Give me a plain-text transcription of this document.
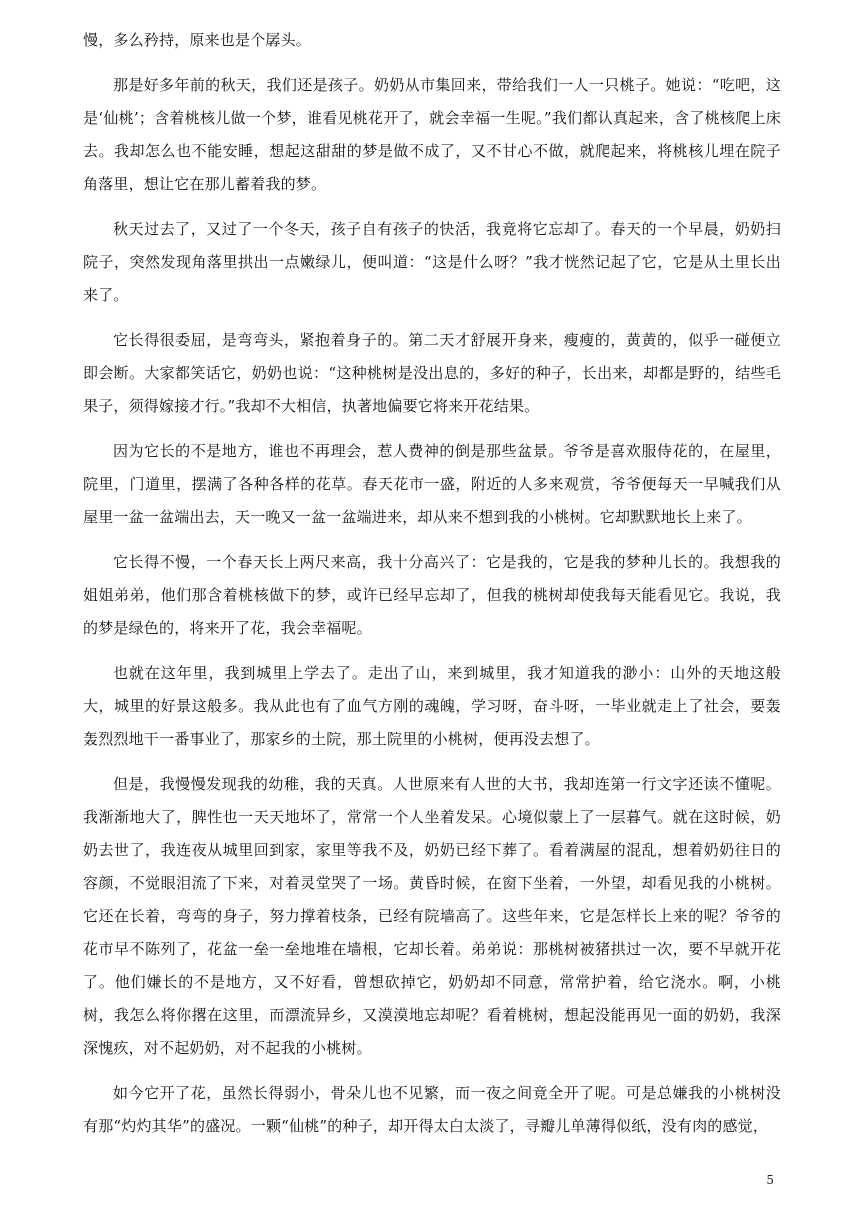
慢，多么矜持，原来也是个孱头。

那是好多年前的秋天，我们还是孩子。奶奶从市集回来，带给我们一人一只桃子。她说：“吃吧，这是‘仙桃’；含着桃核儿做一个梦，谁看见桃花开了，就会幸福一生呢。”我们都认真起来，含了桃核爬上床去。我却怎么也不能安睡，想起这甜甜的梦是做不成了，又不甘心不做，就爬起来，将桃核儿埋在院子角落里，想让它在那儿蓄着我的梦。

秋天过去了，又过了一个冬天，孩子自有孩子的快活，我竟将它忘却了。春天的一个早晨，奶奶扫院子，突然发现角落里拱出一点嫩绿儿，便叫道：“这是什么呀？”我才恍然记起了它，它是从土里长出来了。

它长得很委屈，是弯弯头，紧抱着身子的。第二天才舒展开身来，瘦瘦的，黄黄的，似乎一碰便立即会断。大家都笑话它，奶奶也说：“这种桃树是没出息的，多好的种子，长出来，却都是野的，结些毛果子，须得嫁接才行。”我却不大相信，执著地偏要它将来开花结果。

因为它长的不是地方，谁也不再理会，惹人费神的倒是那些盆景。爷爷是喜欢服侍花的，在屋里，院里，门道里，摆满了各种各样的花草。春天花市一盛，附近的人多来观赏，爷爷便每天一早喊我们从屋里一盆一盆端出去，天一晚又一盆一盆端进来，却从来不想到我的小桃树。它却默默地长上来了。

它长得不慢，一个春天长上两尺来高，我十分高兴了：它是我的，它是我的梦种儿长的。我想我的姐姐弟弟，他们那含着桃核做下的梦，或许已经早忘却了，但我的桃树却使我每天能看见它。我说，我的梦是绿色的，将来开了花，我会幸福呢。

也就在这年里，我到城里上学去了。走出了山，来到城里，我才知道我的渺小：山外的天地这般大，城里的好景这般多。我从此也有了血气方刚的魂魄，学习呀，奋斗呀，一毕业就走上了社会，要轰轰烈烈地干一番事业了，那家乡的土院，那土院里的小桃树，便再没去想了。

但是，我慢慢发现我的幼稚，我的天真。人世原来有人世的大书，我却连第一行文字还读不懂呢。我渐渐地大了，脾性也一天天地坏了，常常一个人坐着发呆。心境似蒙上了一层暮气。就在这时候，奶奶去世了，我连夜从城里回到家，家里等我不及，奶奶已经下葬了。看着满屋的混乱，想着奶奶往日的容颜，不觉眼泪流了下来，对着灵堂哭了一场。黄昏时候，在窗下坐着，一外望，却看见我的小桃树。它还在长着，弯弯的身子，努力撑着枝条，已经有院墙高了。这些年来，它是怎样长上来的呢？爷爷的花市早不陈列了，花盆一垒一垒地堆在墙根，它却长着。弟弟说：那桃树被猪拱过一次，要不早就开花了。他们嫌长的不是地方，又不好看，曾想砍掉它，奶奶却不同意，常常护着，给它浇水。啊，小桃树，我怎么将你撂在这里，而漂流异乡，又漠漠地忘却呢？看着桃树，想起没能再见一面的奶奶，我深深愧疚，对不起奶奶，对不起我的小桃树。

如今它开了花，虽然长得弱小，骨朵儿也不见繁，而一夜之间竟全开了呢。可是总嫌我的小桃树没有那“灼灼其华”的盛况。一颗“仙桃”的种子，却开得太白太淡了，寻瓣儿单薄得似纸，没有肉的感觉，

5
